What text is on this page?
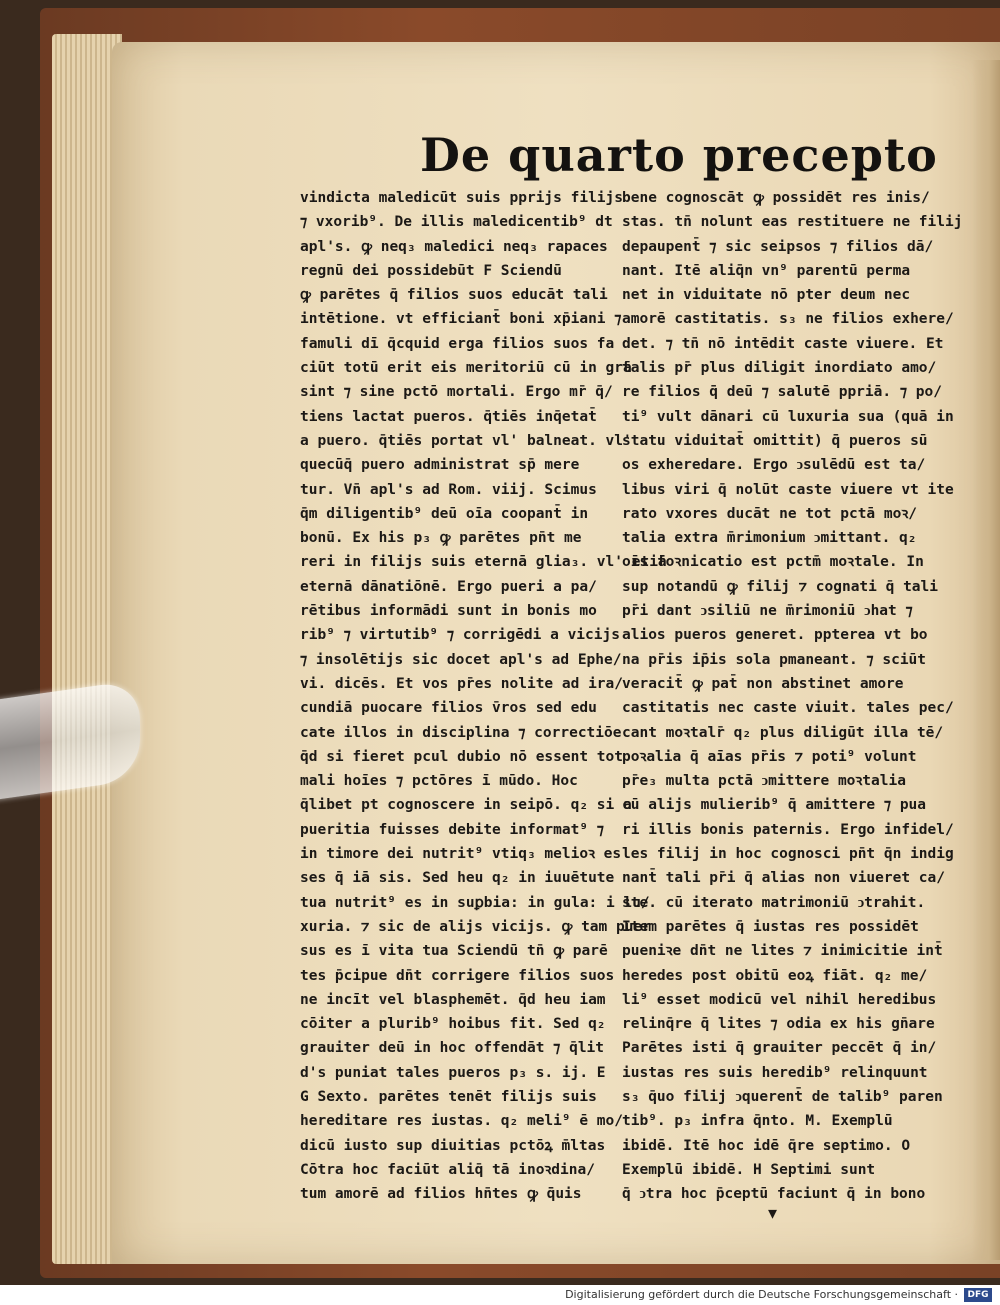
De quarto precepto
vindicta maledicūt suis pprijs filijs
⁊ vxorib⁹. De illis maledicentib⁹ dt
apl's. ꝙ neq₃ maledici neq₃ rapaces
regnū dei possidebūt F Sciendū
ꝙ parētes q̄ filios suos educāt tali
intētione. vt efficiant̄ boni xp̄iani ⁊
famuli dī q̄cquid erga filios suos fa
ciūt totū erit eis meritoriū cū in grā
sint ⁊ sine pctō mortali. Ergo mr̄ q̄/
tiens lactat pueros. q̄tiēs inq̄etat̄
a puero. q̄tiēs portat vl' balneat. vl'
quecūq̄ puero administrat sp̄ mere
tur. Vn̄ apl's ad Rom. viij. Scimus
q̄m diligentib⁹ deū oīa coopant̄ in
bonū. Ex his p₃ ꝙ parētes pn̄t me
reri in filijs suis eternā glia₃. vl' etiā
eternā dānatiōnē. Ergo pueri a pa/
rētibus informādi sunt in bonis mo
rib⁹ ⁊ virtutib⁹ ⁊ corrigēdi a vicijs
⁊ insolētijs sic docet apl's ad Ephe/
vi. dicēs. Et vos pr̄es nolite ad ira/
cundiā puocare filios v̄ros sed edu
cate illos in disciplina ⁊ correctiōe
q̄d si fieret pcul dubio nō essent tot
mali hoīes ⁊ pctōres ī mūdo. Hoc
q̄libet pt cognoscere in seipō. q₂ si a
pueritia fuisses debite informat⁹ ⁊
in timore dei nutrit⁹ vtiq₃ melioꝛ es
ses q̄̄ iā sis. Sed heu q₂ in iuuētute
tua nutrit⁹ es in suꝑbia: in gula: i lu/
xuria. ⁊ sic de alijs vicijs. ꝙ tam puer
sus es ī vita tua Sciendū tn̄ ꝙ parē
tes p̄cipue dn̄t corrigere filios suos
ne incīt vel blasphemēt. q̄d heu iam
cōiter a plurib⁹ hoibus fit. Sed q₂
grauiter deū in hoc offendāt ⁊ q̄lit
d's puniat tales pueros p₃ s. ij. E
G Sexto. parētes tenēt filijs suis
hereditare res iustas. q₂ meli⁹ ē mo/
dicū iusto sup diuitias pctōꝝ m̄ltas
Cōtra hoc faciūt aliq̄ tā inoꝛdina/
tum amorē ad filios hn̄tes ꝙ q̄̄uis
bene cognoscāt ꝙ possidēt res inis/
stas. tn̄ nolunt eas restituere ne filij
depaupent̄ ⁊ sic seipsos ⁊ filios dā/
nant. Itē aliq̄n vn⁹ parentū perma
net in viduitate nō pter deum nec
amorē castitatis. s₃ ne filios exhere/
det. ⁊ tn̄ nō intēdit caste viuere. Et
talis pr̄ plus diligit inordiato amo/
re filios q̄̄ deū ⁊ salutē ppriā. ⁊ po/
ti⁹ vult dānari cū luxuria sua (quā in
statu viduitat̄ omittit) q̄̄ pueros sū
os exheredare. Ergo ↄsulēdū est ta/
libus viri q̄ nolūt caste viuere vt ite
rato vxores ducāt ne tot pctā moꝛ/
talia extra m̄rimonium ↄmittant. q₂
oīs foꝛnicatio est pctm̄ moꝛtale. In
sup notandū ꝙ filij ⁊ cognati q̄ tali
pr̄i dant ↄsiliū ne m̄rimoniū ↄhat ⁊
alios pueros generet. ppterea vt bo
na pr̄is ip̄is sola pmaneant. ⁊ sciūt
veracit̄ ꝙ pat̄ non abstinet amore
castitatis nec caste viuit. tales pec/
cant moꝛtalr̄ q₂ plus diligūt illa tē/
poꝛalia q̄̄ aīas pr̄is ⁊ poti⁹ volunt
pr̄e₃ multa pctā ↄmittere moꝛtalia
cū alijs mulierib⁹ q̄̄ amittere ⁊ pua
ri illis bonis paternis. Ergo infidel/
les filij in hoc cognosci pn̄t q̄n indig
nant̄ tali pr̄i q̄ alias non viueret ca/
ste. cū iterato matrimoniū ↄtrahit.
Item parētes q̄ iustas res possidēt
pueniꝛe dn̄t ne lites ⁊ inimicitie int̄
heredes post obitū eoꝝ fiāt. q₂ me/
li⁹ esset modicū vel nihil heredibus
relinq̄re q̄̄ lites ⁊ odia ex his gn̄are
Parētes isti q̄̄ grauiter peccēt q̄ in/
iustas res suis heredib⁹ relinquunt
s₃ q̄uo filij ↄquerent̄ de talib⁹ paren
tib⁹. p₃ infra q̄nto. M. Exemplū
ibidē. Itē hoc idē q̄re septimo. O
Exemplū ibidē. H Septimi sunt
q̄ ↄtra hoc p̄ceptū faciunt q̄ in bono
▾
Digitalisierung gefördert durch die Deutsche Forschungsgemeinschaft ·	DFG
